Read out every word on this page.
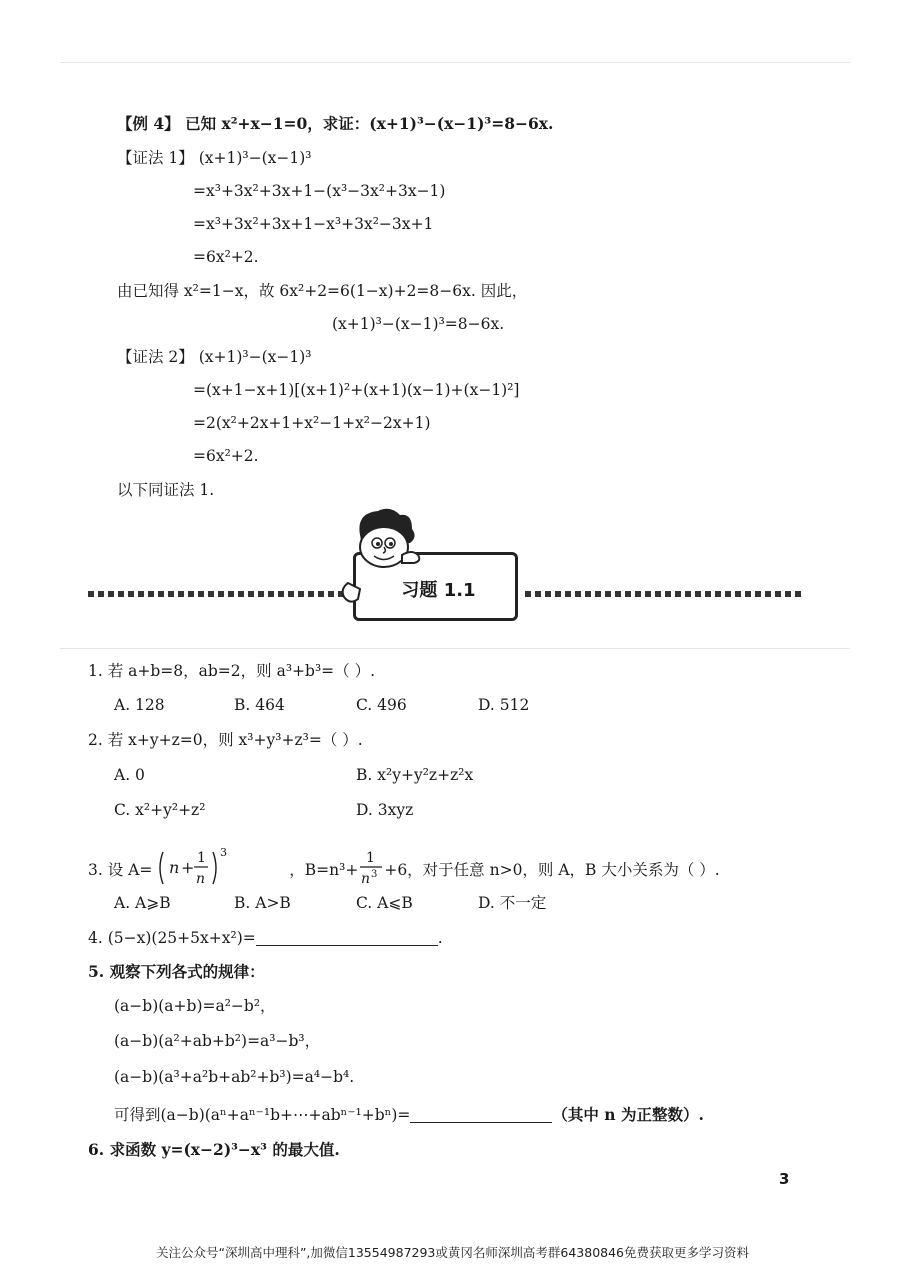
【例 4】 已知 x²+x−1=0，求证：(x+1)³−(x−1)³=8−6x.
【证法 1】 (x+1)³−(x−1)³
=x³+3x²+3x+1−(x³−3x²+3x−1)
=x³+3x²+3x+1−x³+3x²−3x+1
=6x²+2.
由已知得 x²=1−x，故 6x²+2=6(1−x)+2=8−6x. 因此，
(x+1)³−(x−1)³=8−6x.
【证法 2】 (x+1)³−(x−1)³
=(x+1−x+1)[(x+1)²+(x+1)(x−1)+(x−1)²]
=2(x²+2x+1+x²−1+x²−2x+1)
=6x²+2.
以下同证法 1.
习题 1.1
1. 若 a+b=8，ab=2，则 a³+b³=（ ）.
A. 128	B. 464	C. 496	D. 512
2. 若 x+y+z=0，则 x³+y³+z³=（ ）.
A. 0	B. x²y+y²z+z²x
C. x²+y²+z²	D. 3xyz
3. 设 A= n + 1
n
3
，B=n³+
1
n 3 +6，对于任意 n>0，则 A，B 大小关系为（ ）.
A. A⩾B	B. A>B	C. A⩽B	D. 不一定
4. (5−x)(25+5x+x²)=	.
5. 观察下列各式的规律：
(a−b)(a+b)=a²−b²，
(a−b)(a²+ab+b²)=a³−b³，
(a−b)(a³+a²b+ab²+b³)=a⁴−b⁴.
可得到(a−b)(aⁿ+aⁿ⁻¹b+⋯+abⁿ⁻¹+bⁿ)=	（其中 n 为正整数）.
6. 求函数 y=(x−2)³−x³ 的最大值.
3
关注公众号“深圳高中理科”,加微信13554987293或黄冈名师深圳高考群64380846免费获取更多学习资料
